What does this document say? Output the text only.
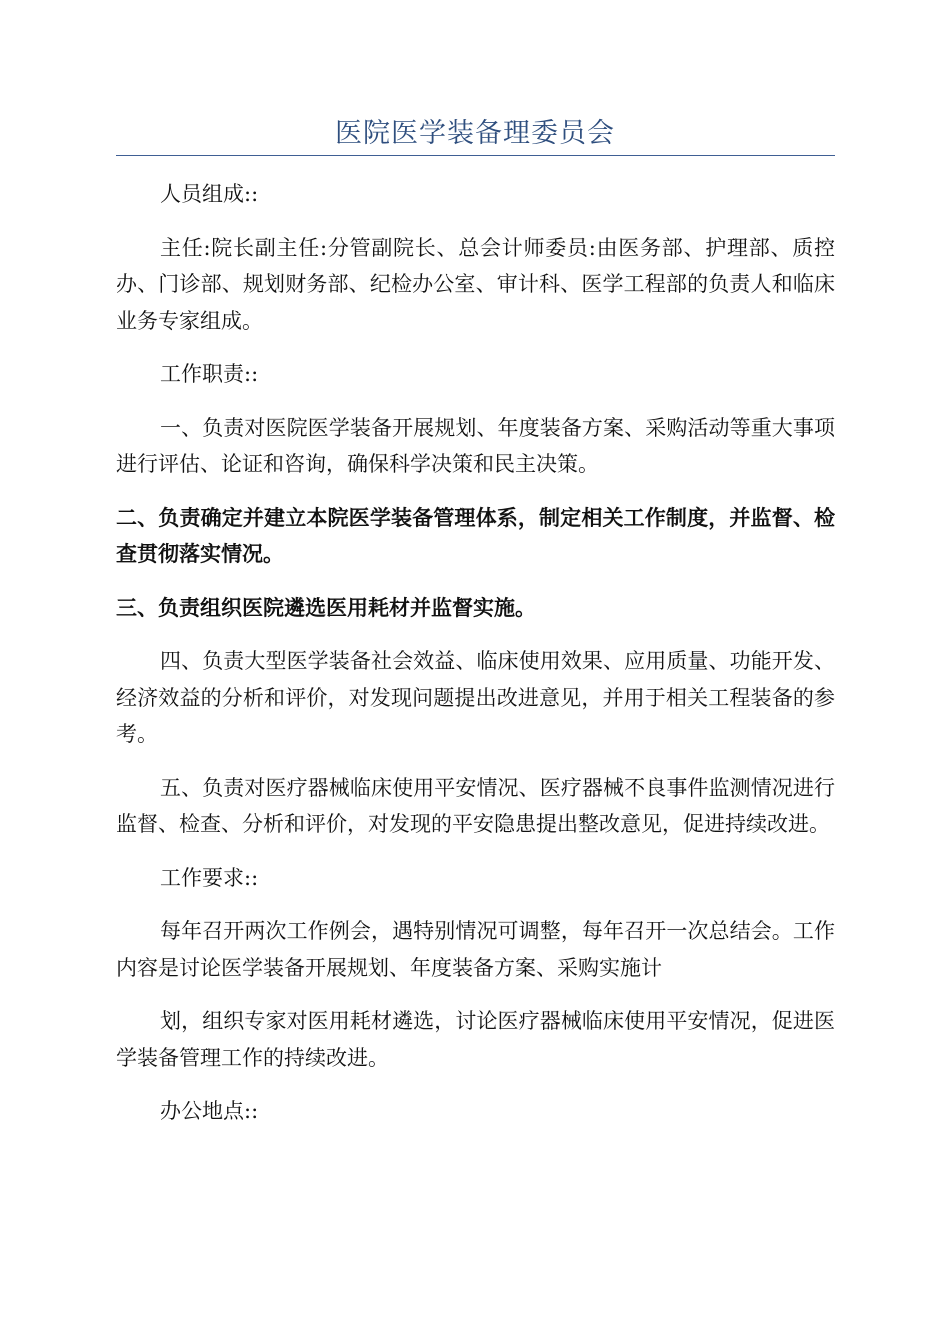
医院医学装备理委员会

人员组成::

主任:院长副主任:分管副院长、总会计师委员:由医务部、护理部、质控办、门诊部、规划财务部、纪检办公室、审计科、医学工程部的负责人和临床业务专家组成。

工作职责::

一、负责对医院医学装备开展规划、年度装备方案、采购活动等重大事项进行评估、论证和咨询，确保科学决策和民主决策。

二、负责确定并建立本院医学装备管理体系，制定相关工作制度，并监督、检查贯彻落实情况。

三、负责组织医院遴选医用耗材并监督实施。

四、负责大型医学装备社会效益、临床使用效果、应用质量、功能开发、经济效益的分析和评价，对发现问题提出改进意见，并用于相关工程装备的参考。

五、负责对医疗器械临床使用平安情况、医疗器械不良事件监测情况进行监督、检查、分析和评价，对发现的平安隐患提出整改意见，促进持续改进。

工作要求::

每年召开两次工作例会，遇特别情况可调整，每年召开一次总结会。工作内容是讨论医学装备开展规划、年度装备方案、采购实施计

划，组织专家对医用耗材遴选，讨论医疗器械临床使用平安情况，促进医学装备管理工作的持续改进。

办公地点::
